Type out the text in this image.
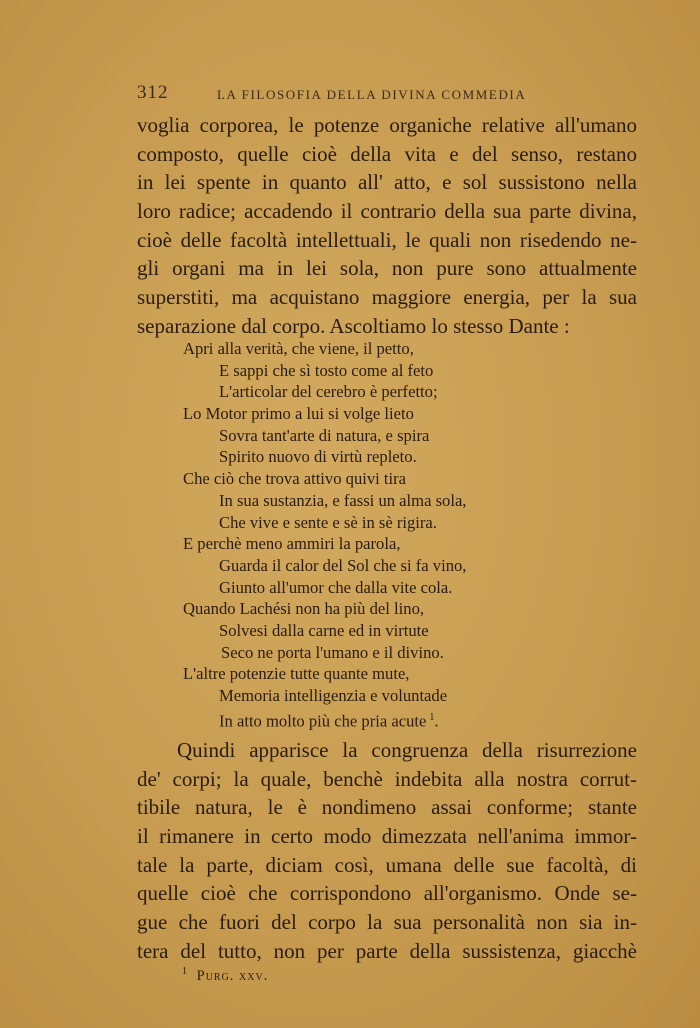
312	LA FILOSOFIA DELLA DIVINA COMMEDIA
voglia corporea, le potenze organiche relative all'umano
composto, quelle cioè della vita e del senso, restano
in lei spente in quanto all' atto, e sol sussistono nella
loro radice; accadendo il contrario della sua parte divina,
cioè delle facoltà intellettuali, le quali non risedendo ne-
gli organi ma in lei sola, non pure sono attualmente
superstiti, ma acquistano maggiore energia, per la sua
separazione dal corpo. Ascoltiamo lo stesso Dante :
Apri alla verità, che viene, il petto,
E sappi che sì tosto come al feto
L'articolar del cerebro è perfetto;
Lo Motor primo a lui si volge lieto
Sovra tant'arte di natura, e spira
Spirito nuovo di virtù repleto.
Che ciò che trova attivo quivi tira
In sua sustanzia, e fassi un alma sola,
Che vive e sente e sè in sè rigira.
E perchè meno ammiri la parola,
Guarda il calor del Sol che si fa vino,
Giunto all'umor che dalla vite cola.
Quando Lachési non ha più del lino,
Solvesi dalla carne ed in virtute
Seco ne porta l'umano e il divino.
L'altre potenzie tutte quante mute,
Memoria intelligenzia e voluntade
In atto molto più che pria acute $^1$.
Quindi apparisce la congruenza della risurrezione
de' corpi; la quale, benchè indebita alla nostra corrut-
tibile natura, le è nondimeno assai conforme; stante
il rimanere in certo modo dimezzata nell'anima immor-
tale la parte, diciam così, umana delle sue facoltà, di
quelle cioè che corrispondono all'organismo. Onde se-
gue che fuori del corpo la sua personalità non sia in-
tera del tutto, non per parte della sussistenza, giacchè
$^1$ Purg. xxv.
